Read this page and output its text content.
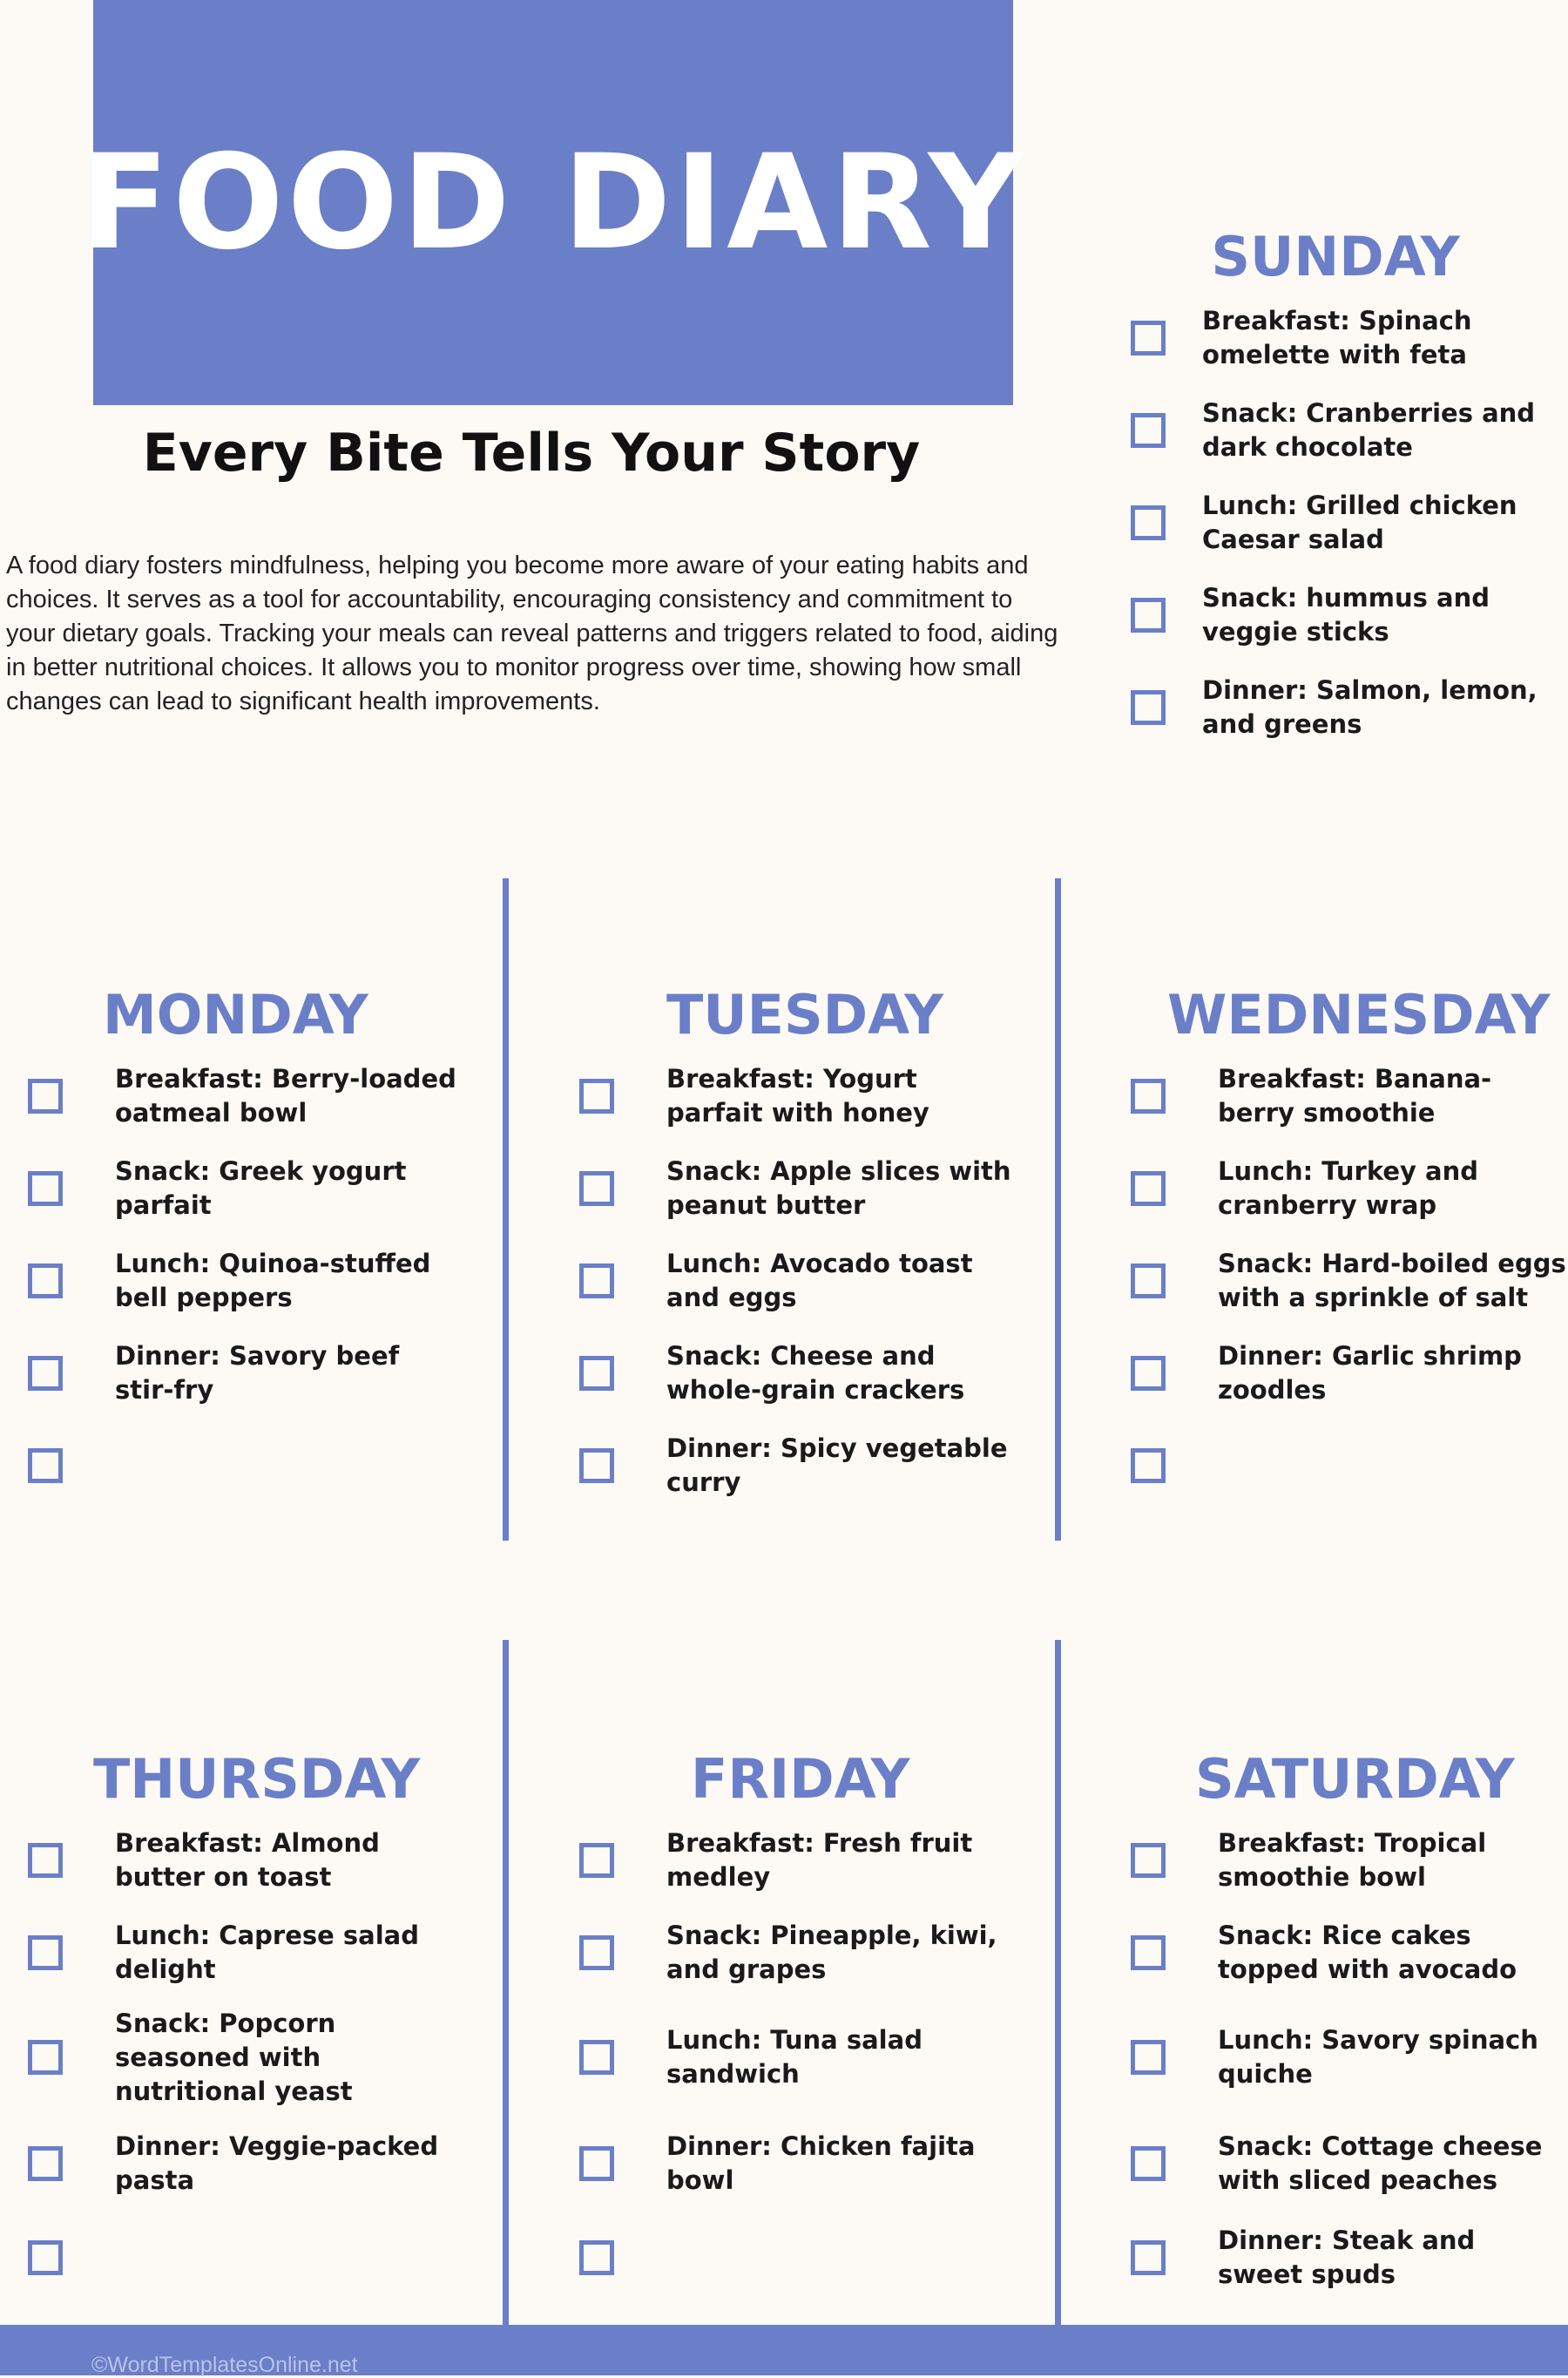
FOOD DIARY
Every Bite Tells Your Story
A food diary fosters mindfulness, helping you become more aware of your eating habits and choices. It serves as a tool for accountability, encouraging consistency and commitment to your dietary goals. Tracking your meals can reveal patterns and triggers related to food, aiding in better nutritional choices. It allows you to monitor progress over time, showing how small changes can lead to significant health improvements.
SUNDAY
Breakfast: Spinach omelette with feta
Snack: Cranberries and dark chocolate
Lunch: Grilled chicken Caesar salad
Snack: hummus and veggie sticks
Dinner: Salmon, lemon, and greens
MONDAY
Breakfast: Berry-loaded oatmeal bowl
Snack: Greek yogurt parfait
Lunch: Quinoa-stuffed bell peppers
Dinner: Savory beef stir-fry
TUESDAY
Breakfast: Yogurt parfait with honey
Snack: Apple slices with peanut butter
Lunch: Avocado toast and eggs
Snack: Cheese and whole-grain crackers
Dinner: Spicy vegetable curry
WEDNESDAY
Breakfast: Banana-berry smoothie
Lunch: Turkey and cranberry wrap
Snack: Hard-boiled eggs with a sprinkle of salt
Dinner: Garlic shrimp zoodles
THURSDAY
Breakfast: Almond butter on toast
Lunch: Caprese salad delight
Snack: Popcorn seasoned with nutritional yeast
Dinner: Veggie-packed pasta
FRIDAY
Breakfast: Fresh fruit medley
Snack: Pineapple, kiwi, and grapes
Lunch: Tuna salad sandwich
Dinner: Chicken fajita bowl
SATURDAY
Breakfast: Tropical smoothie bowl
Snack: Rice cakes topped with avocado
Lunch: Savory spinach quiche
Snack: Cottage cheese with sliced peaches
Dinner: Steak and sweet spuds
©WordTemplatesOnline.net
